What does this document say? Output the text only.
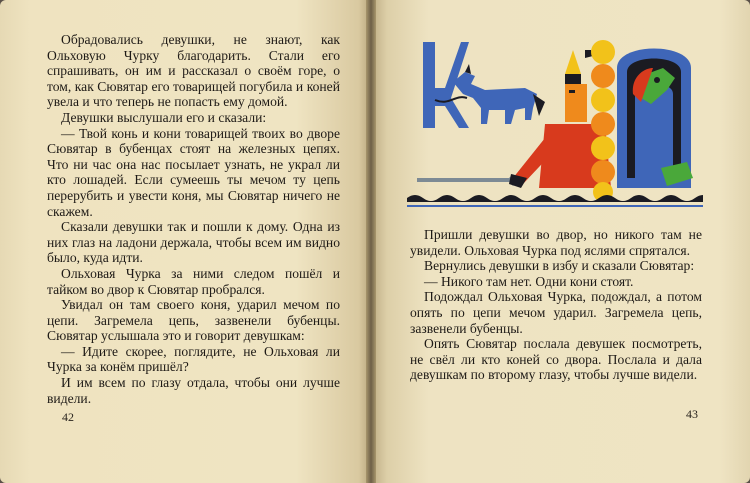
Обрадовались девушки, не знают, как Ольховую Чурку благодарить. Стали его спрашивать, он им и рассказал о своём горе, о том, как Сювятар его товарищей погубила и коней увела и что теперь не попасть ему домой.

Девушки выслушали его и сказали:

— Твой конь и кони товарищей твоих во дворе Сювятар в бубенцах стоят на железных цепях. Что ни час она нас посылает узнать, не украл ли кто лошадей. Если сумеешь ты мечом ту цепь перерубить и увести коня, мы Сювятар ничего не скажем.

Сказали девушки так и пошли к дому. Одна из них глаз на ладони держала, чтобы всем им видно было, куда идти.

Ольховая Чурка за ними следом пошёл и тайком во двор к Сювятар пробрался.

Увидал он там своего коня, ударил мечом по цепи. Загремела цепь, зазвенели бубенцы. Сювятар услышала это и говорит девушкам:

— Идите скорее, поглядите, не Ольховая ли Чурка за конём пришёл?

И им всем по глазу отдала, чтобы они лучше видели.

42

Пришли девушки во двор, но никого там не увидели. Ольховая Чурка под яслями спрятался.

Вернулись девушки в избу и сказали Сювятар:

— Никого там нет. Одни кони стоят.

Подождал Ольховая Чурка, подождал, а потом опять по цепи мечом ударил. Загремела цепь, зазвенели бубенцы.

Опять Сювятар послала девушек посмотреть, не свёл ли кто коней со двора. Послала и дала девушкам по второму глазу, чтобы лучше видели.

43
